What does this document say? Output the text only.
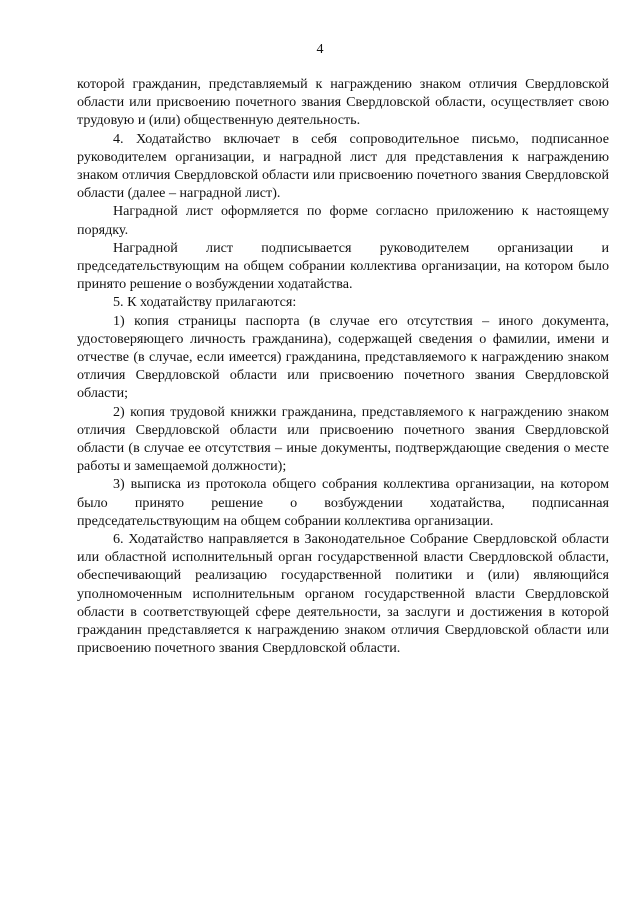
4

которой гражданин, представляемый к награждению знаком отличия Свердловской области или присвоению почетного звания Свердловской области, осуществляет свою трудовую и (или) общественную деятельность.

4. Ходатайство включает в себя сопроводительное письмо, подписанное руководителем организации, и наградной лист для представления к награждению знаком отличия Свердловской области или присвоению почетного звания Свердловской области (далее – наградной лист).

Наградной лист оформляется по форме согласно приложению к настоящему порядку.

Наградной лист подписывается руководителем организации и председательствующим на общем собрании коллектива организации, на котором было принято решение о возбуждении ходатайства.

5. К ходатайству прилагаются:

1) копия страницы паспорта (в случае его отсутствия – иного документа, удостоверяющего личность гражданина), содержащей сведения о фамилии, имени и отчестве (в случае, если имеется) гражданина, представляемого к награждению знаком отличия Свердловской области или присвоению почетного звания Свердловской области;

2) копия трудовой книжки гражданина, представляемого к награждению знаком отличия Свердловской области или присвоению почетного звания Свердловской области (в случае ее отсутствия – иные документы, подтверждающие сведения о месте работы и замещаемой должности);

3) выписка из протокола общего собрания коллектива организации, на котором было принято решение о возбуждении ходатайства, подписанная председательствующим на общем собрании коллектива организации.

6. Ходатайство направляется в Законодательное Собрание Свердловской области или областной исполнительный орган государственной власти Свердловской области, обеспечивающий реализацию государственной политики и (или) являющийся уполномоченным исполнительным органом государственной власти Свердловской области в соответствующей сфере деятельности, за заслуги и достижения в которой гражданин представляется к награждению знаком отличия Свердловской области или присвоению почетного звания Свердловской области.
